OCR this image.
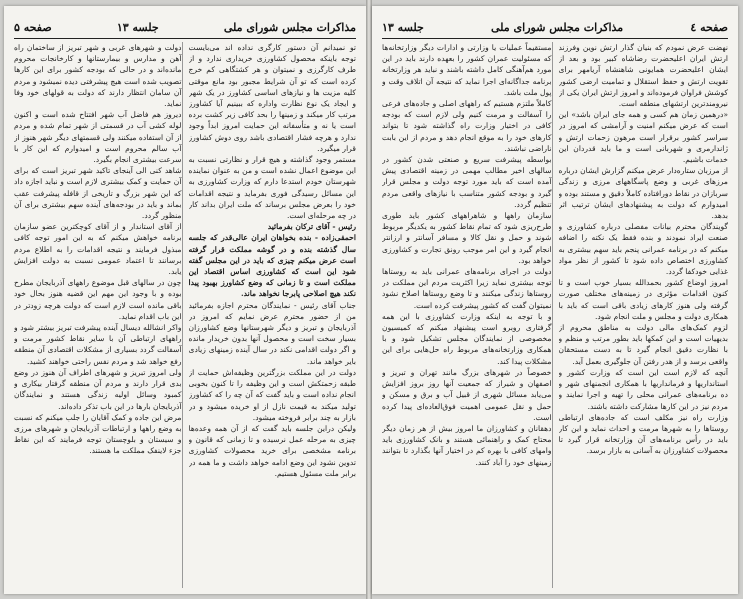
مذاکرات مجلس شورای ملی
جلسه ۱۳
صفحه ۵

تو نمیدانم آن دستور کارگری نداده اند می‌بایست توجه باینکه محصول کشاورزی خریداری ندارد و از طرف کارگرزی و نمیتوان و هر کشتگاهی کم خرج کرده است که تو آن شرایط مجبور بود مانع موقتی کلیه مزیت ها و نیازهای اساسی کشاورز در یک شهر و ایجاد یک نوع نظارت واداره که ببینیم آیا کشاورز مرتب کار میکند و زمینها را بحد کافی زیر کشت برده است یا نه و متأسفانه این حمایت امروز ابداً وجود ندارد و هرچه فشار اقتصادی باشد روی دوش کشاورز قرار میگیرد.

مستمر وجود گذاشته و هیچ قرار و نظارتی نسبت به این موضوع اعمال نشده است و من به عنوان نماینده شهرستان خودم استدعا دارم که وزارت کشاورزی به این مسائل رسیدگی فوری بفرماید و نتیجه اقدامات خود را بعرض مجلس برساند که ملت ایران بداند کار در چه مرحله‌ای است.

رئیس - آقای ترکان بفرمائید

احمقی‌زاده - بنده بخواهان ایران عالی‌قدر که جلسه سال گذشته بنده و در گوشه مملکت قرار گرفته است عرض میکنم چیزی که باید در این مجلس گفته شود این است که کشاورزی اساس اقتصاد این مملکت است و تا زمانی که وضع کشاورز بهبود پیدا نکند هیچ اصلاحی پابرجا نخواهد ماند.

جناب آقای رئیس - نمایندگان محترم اجازه بفرمائید من از حضور محترم عرض نمایم که امروز در آذربایجان و تبریز و دیگر شهرستانها وضع کشاورزان بسیار سخت است و محصول آنها بدون خریدار مانده و اگر دولت اقدامی نکند در سال آینده زمینهای زیادی بایر خواهد ماند.

دولت در این مملکت بزرگترین وظیفه‌اش حمایت از طبقه زحمتکش است و این وظیفه را تا کنون بخوبی انجام نداده است و باید گفت که آن چه را که کشاورز تولید میکند به قیمت نازل از او خریده میشود و در بازار به چند برابر فروخته میشود.

ولیکن دراین جلسه باید گفت که از آن همه وعده‌ها چیزی به مرحله عمل نرسیده و تا زمانی که قانون و برنامه مشخصی برای خرید محصولات کشاورزی تدوین نشود این وضع ادامه خواهد داشت و ما همه در برابر ملت مسئول هستیم.

دولت و شهرهای غربی و شهر تبریز از ساختمان راه آهن و مدارس و بیمارستانها و کارخانجات محروم مانده‌اند و در حالی که بودجه کشور برای این کارها تصویب شده است هیچ پیشرفتی دیده نمیشود و مردم آن سامان انتظار دارند که دولت به قولهای خود وفا نماید.

دیروز هم فاضل آب شهر افتتاح شده است و اکنون لوله کشی آب در قسمتی از شهر تمام شده و مردم از آن استفاده میکنند ولی قسمتهای دیگر شهر هنوز از آب سالم محروم است و امیدوارم که این کار با سرعت بیشتری انجام بگیرد.

شاهد کنی الی آینجای تاکید شهر تبریز است که برای آن حمایت و کمک بیشتری لازم است و نباید اجازه داد که این شهر بزرگ و تاریخی از قافله پیشرفت عقب بماند و باید در بودجه‌های آینده سهم بیشتری برای آن منظور گردد.

از آقای استاندار و از آقای کوچکترین عضو سازمان برنامه خواهش میکنم که به این امور توجه کافی مبذول فرمایند و نتیجه اقدامات را به اطلاع مردم برسانند تا اعتماد عمومی نسبت به دولت افزایش یابد.

چون در سالهای قبل موضوع راههای آذربایجان مطرح بوده و با وجود این مهم این قضیه هنوز بحال خود باقی مانده است لازم است که دولت هرچه زودتر در این باب اقدام نماید.

واکر انشالله دیسال آینده پیشرفت تبریز بیشتر شود و راههای ارتباطی آن با سایر نقاط کشور مرمت و آسفالت گردد بسیاری از مشکلات اقتصادی آن منطقه رفع خواهد شد و مردم نفس راحتی خواهند کشید.

ولی امروز تبریز و شهرهای اطراف آن هنوز در وضع بدی قرار دارند و مردم آن منطقه گرفتار بیکاری و کمبود وسائل اولیه زندگی هستند و نمایندگان آذربایجان بارها در این باب تذکر داده‌اند.

مرض این جاده و کمک آقایان را جلب میکنم که نسبت به وضع راهها و ارتباطات آذربایجان و شهرهای مرزی و سیستان و بلوچستان توجه فرمایند که این نقاط جزء لاینفک مملکت ما هستند.

صفحه ٤
مذاکرات مجلس شورای ملی
جلسه ۱۳

نهضت عرض نمودم که بنیان گذار ارتش نوین وفرزند ارتش ایران اعلیحضرت رضاشاه کبیر بود و بعد از ایشان اعلیحضرت همایونی شاهنشاه آریامهر برای تقویت ارتش و حفظ استقلال و تمامیت ارضی کشور کوشش فراوان فرموده‌اند و امروز ارتش ایران یکی از نیرومندترین ارتشهای منطقه است.

«درهمین زمان هم کسی و همه جای ایران باشد» این است که عرض میکنم امنیت و آرامشی که امروز در سراسر کشور برقرار است مرهون زحمات ارتش و ژاندارمری و شهربانی است و ما باید قدردان این خدمات باشیم.

از مرزبان ستاره‌دار عرض میکنم گزارش ایشان درباره مرزهای غربی و وضع پاسگاههای مرزی و زندگی سربازان در نقاط دورافتاده کاملاً دقیق و مستند بوده و امیدوارم که دولت به پیشنهادهای ایشان ترتیب اثر بدهد.

گویندگان محترم بیانات مفصلی درباره کشاورزی و صنعت ایراد نمودند و بنده فقط یک نکته را اضافه میکنم که در برنامه عمرانی پنجم باید سهم بیشتری به کشاورزی اختصاص داده شود تا کشور از نظر مواد غذایی خودکفا گردد.

امروز اوضاع کشور بحمدالله بسیار خوب است و تا کنون اقدامات مؤثری در زمینه‌های مختلف صورت گرفته ولی هنوز کارهای زیادی باقی است که باید با همکاری دولت و مجلس و ملت انجام شود.

لزوم کمک‌های مالی دولت به مناطق محروم از بدیهیات است و این کمکها باید بطور مرتب و منظم و با نظارت دقیق انجام گیرد تا به دست مستحقان واقعی برسد و از هدر رفتن آن جلوگیری بعمل آید.

آنچه که لازم است این است که وزارت کشور و استانداریها و فرمانداریها با همکاری انجمنهای شهر و ده برنامه‌های عمرانی محلی را تهیه و اجرا نمایند و مردم نیز در این کارها مشارکت داشته باشند.

وزارت راه نیز مکلف است که جاده‌های ارتباطی روستاها را به شهرها مرمت و احداث نماید و این کار باید در رأس برنامه‌های آن وزارتخانه قرار گیرد تا محصولات کشاورزان به آسانی به بازار برسد.

مستقیماً عملیات یا وزارتی و ادارات دیگر وزارتخانه‌ها که مسئولیت عمران کشور را بعهده دارند باید در این مورد هم‌آهنگی کامل داشته باشند و نباید هر وزارتخانه برنامه جداگانه‌ای اجرا نماید که نتیجه آن اتلاف وقت و پول ملت باشد.

کاملاً ملتزم هستیم که راههای اصلی و جاده‌های فرعی را آسفالت و مرمت کنیم ولی لازم است که بودجه کافی در اختیار وزارت راه گذاشته شود تا بتواند کارهای خود را به موقع انجام دهد و مردم از این بابت ناراضی نباشند.

بواسطه پیشرفت سریع و صنعتی شدن کشور در سالهای اخیر مطالب مهمی در زمینه اقتصادی پیش آمده است که باید مورد توجه دولت و مجلس قرار گیرد و بودجه کشور متناسب با نیازهای واقعی مردم تنظیم گردد.

سازمان راهها و شاهراههای کشور باید طوری طرح‌ریزی شود که تمام نقاط کشور به یکدیگر مربوط شوند و حمل و نقل کالا و مسافر آسانتر و ارزانتر انجام گیرد و این امر موجب رونق تجارت و کشاورزی خواهد بود.

دولت در اجرای برنامه‌های عمرانی باید به روستاها توجه بیشتری نماید زیرا اکثریت مردم این مملکت در روستاها زندگی میکنند و تا وضع روستاها اصلاح نشود نمیتوان گفت که کشور پیشرفت کرده است.

و با توجه به اینکه وزارت کشاورزی با این همه گرفتاری روبرو است پیشنهاد میکنم که کمیسیون مخصوصی از نمایندگان مجلس تشکیل شود و با همکاری وزارتخانه‌های مربوط راه حل‌هایی برای این مشکلات پیدا کند.

خصوصاً در شهرهای بزرگ مانند تهران و تبریز و اصفهان و شیراز که جمعیت آنها روز بروز افزایش می‌یابد مسائل شهری از قبیل آب و برق و مسکن و حمل و نقل عمومی اهمیت فوق‌العاده‌ای پیدا کرده است.

دهقانان و کشاورزان ما امروز بیش از هر زمان دیگر محتاج کمک و راهنمائی هستند و بانک کشاورزی باید وامهای کافی با بهره کم در اختیار آنها بگذارد تا بتوانند زمینهای خود را آباد کنند.
